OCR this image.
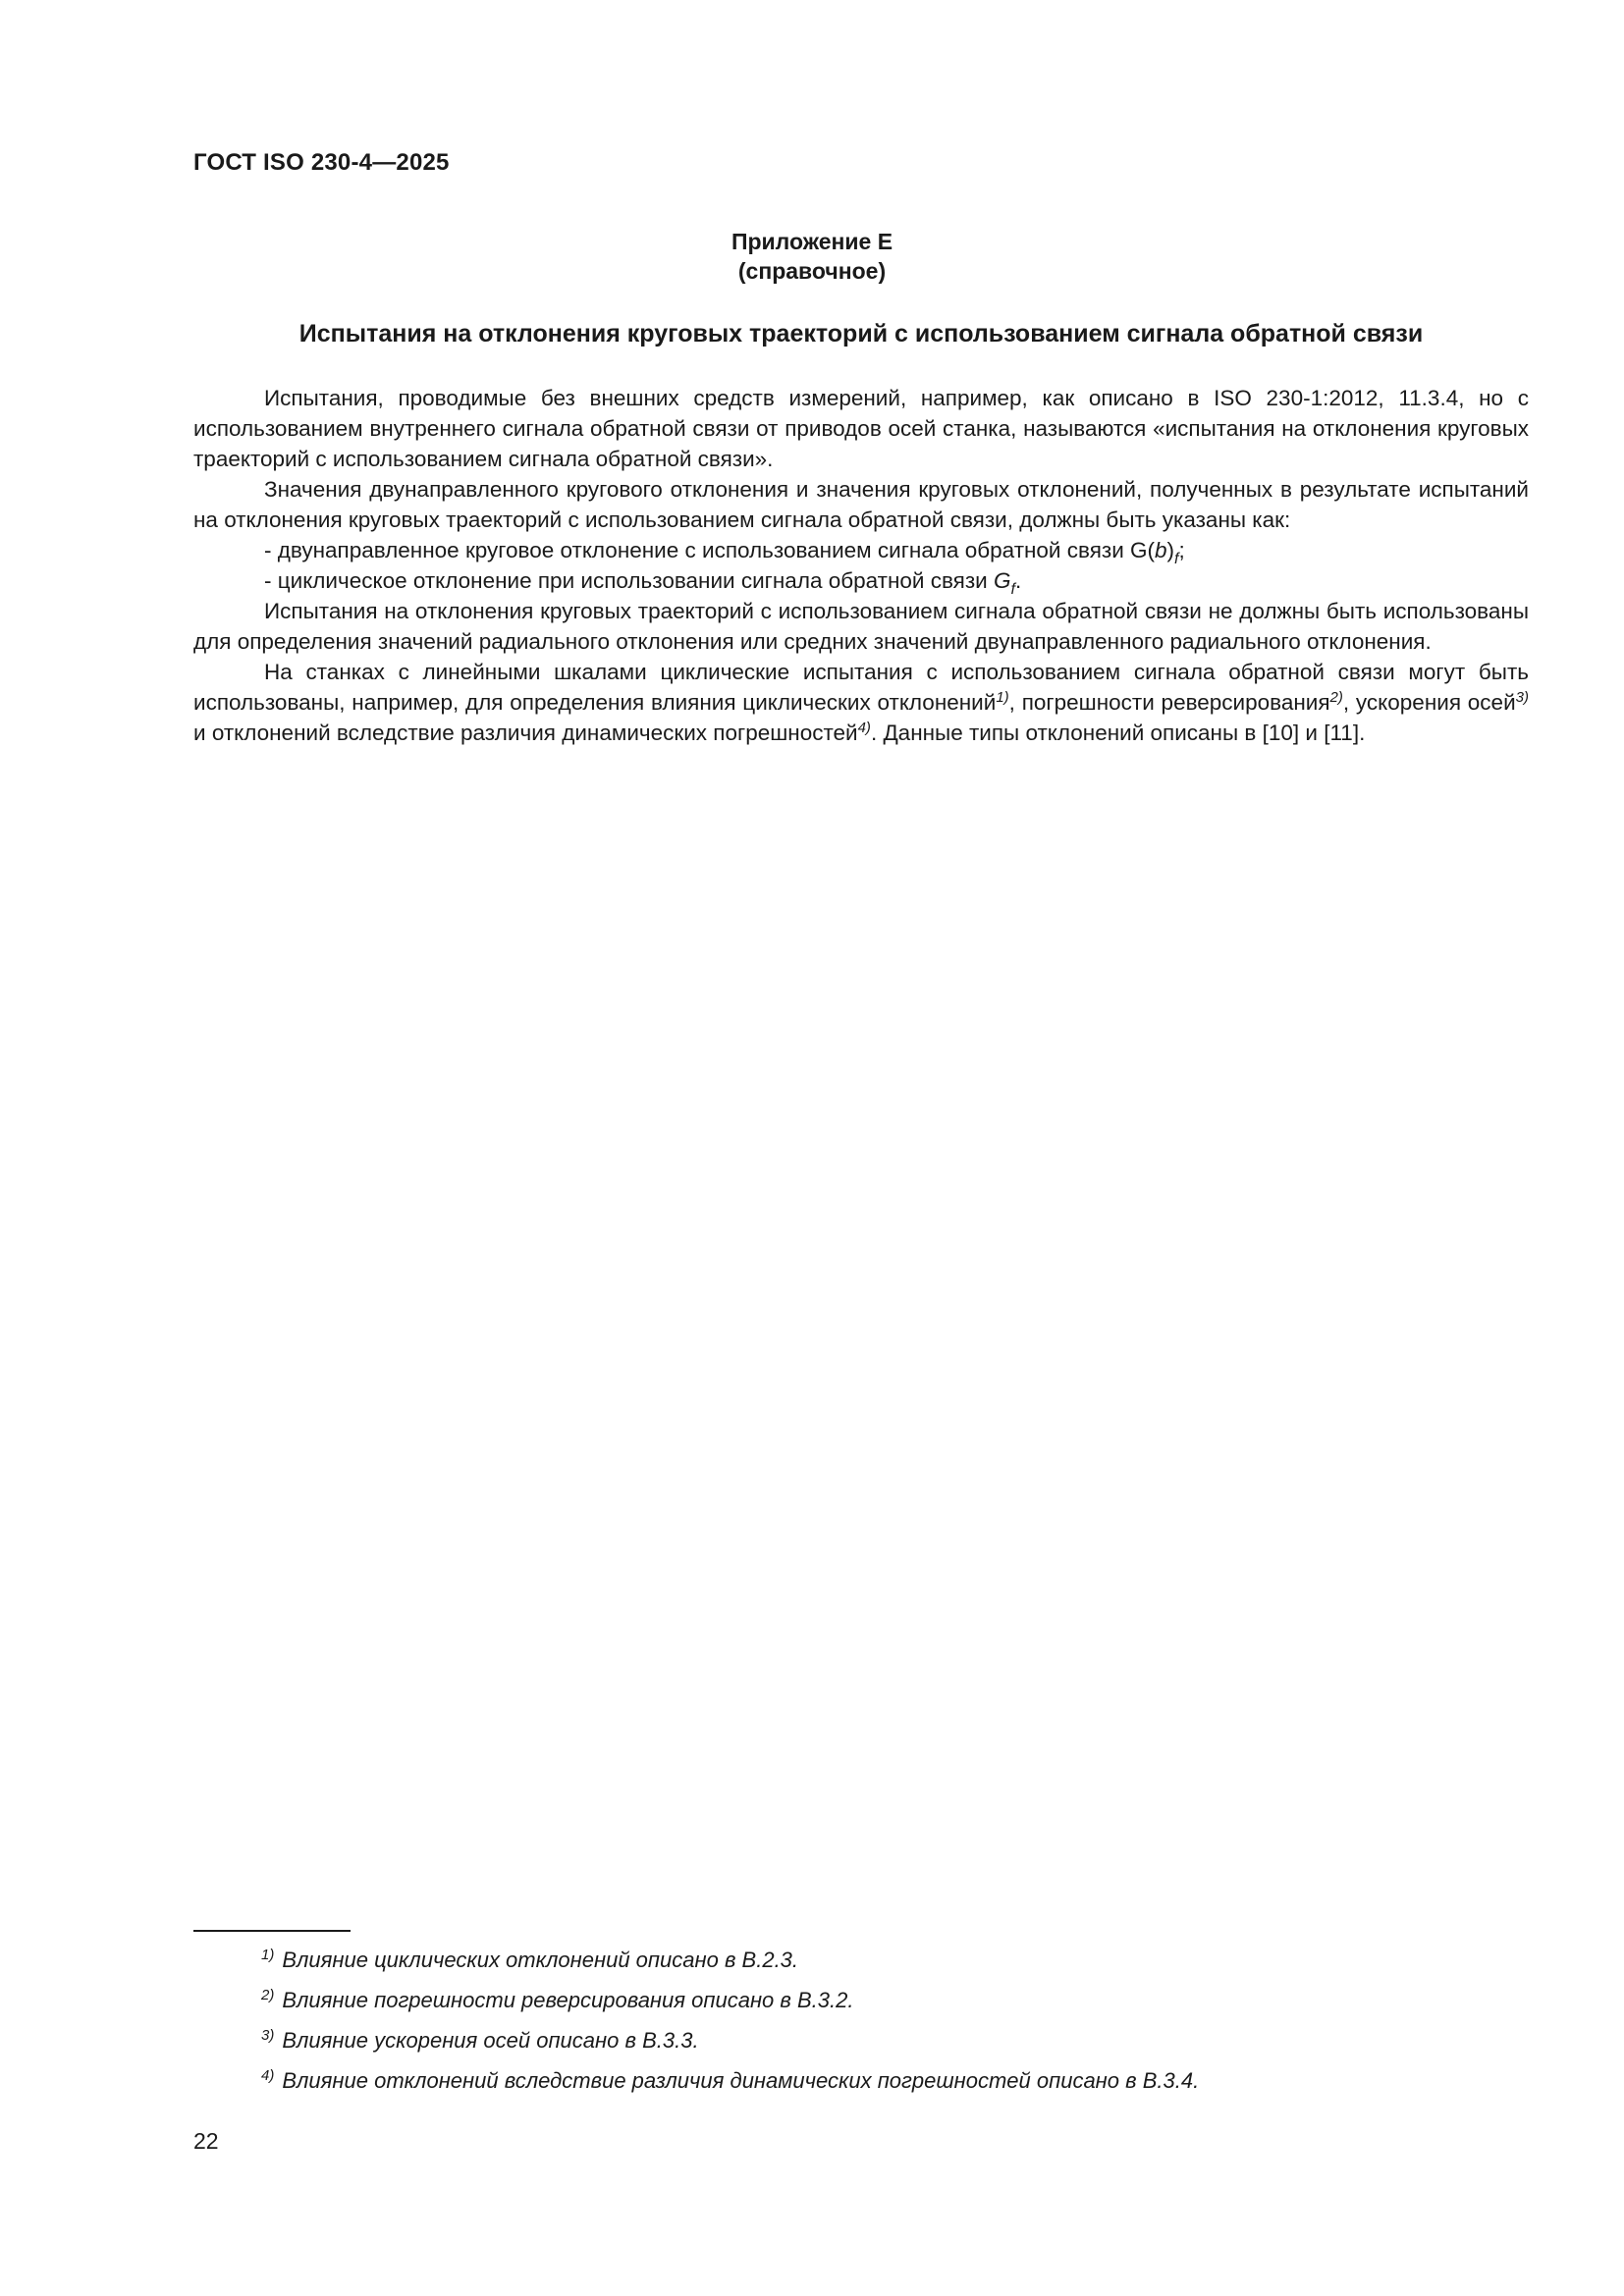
ГОСТ ISO 230-4—2025
Приложение Е
(справочное)
Испытания на отклонения круговых траекторий с использованием сигнала обратной связи

Испытания, проводимые без внешних средств измерений, например, как описано в ISO 230-1:2012, 11.3.4, но с использованием внутреннего сигнала обратной связи от приводов осей станка, называются «испытания на отклонения круговых траекторий с использованием сигнала обратной связи».

Значения двунаправленного кругового отклонения и значения круговых отклонений, полученных в результате испытаний на отклонения круговых траекторий с использованием сигнала обратной связи, должны быть указаны как:

- двунаправленное круговое отклонение с использованием сигнала обратной связи $G(b)_f$;

- циклическое отклонение при использовании сигнала обратной связи $G_f$.

Испытания на отклонения круговых траекторий с использованием сигнала обратной связи не должны быть использованы для определения значений радиального отклонения или средних значений двунаправленного радиального отклонения.

На станках с линейными шкалами циклические испытания с использованием сигнала обратной связи могут быть использованы, например, для определения влияния циклических отклонений$^{1)}$, погрешности реверсирования$^{2)}$, ускорения осей$^{3)}$ и отклонений вследствие различия динамических погрешностей$^{4)}$. Данные типы отклонений описаны в [10] и [11].

$^{1)}$ Влияние циклических отклонений описано в В.2.3.
$^{2)}$ Влияние погрешности реверсирования описано в В.3.2.
$^{3)}$ Влияние ускорения осей описано в В.3.3.
$^{4)}$ Влияние отклонений вследствие различия динамических погрешностей описано в В.3.4.
22
